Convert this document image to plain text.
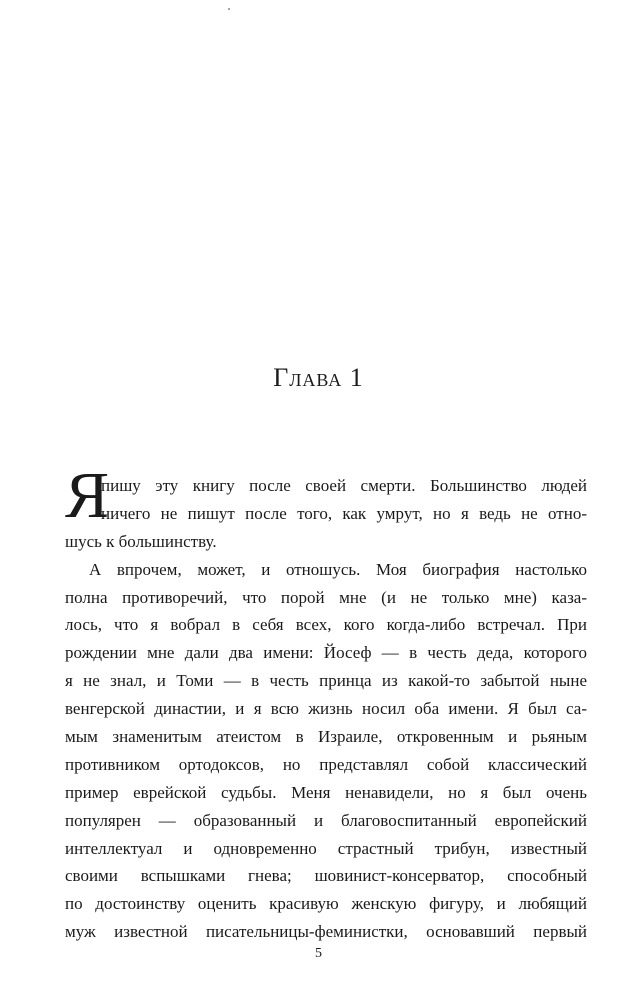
Глава 1
Я
пишу эту книгу после своей смерти. Большинство людей
ничего не пишут после того, как умрут, но я ведь не отно-
шусь к большинству.
А впрочем, может, и отношусь. Моя биография настолько
полна противоречий, что порой мне (и не только мне) каза-
лось, что я вобрал в себя всех, кого когда-либо встречал. При
рождении мне дали два имени: Йосеф — в честь деда, которого
я не знал, и Томи — в честь принца из какой-то забытой ныне
венгерской династии, и я всю жизнь носил оба имени. Я был са-
мым знаменитым атеистом в Израиле, откровенным и рьяным
противником ортодоксов, но представлял собой классический
пример еврейской судьбы. Меня ненавидели, но я был очень
популярен — образованный и благовоспитанный европейский
интеллектуал и одновременно страстный трибун, известный
своими вспышками гнева; шовинист-консерватор, способный
по достоинству оценить красивую женскую фигуру, и любящий
муж известной писательницы-феминистки, основавший первый
5
